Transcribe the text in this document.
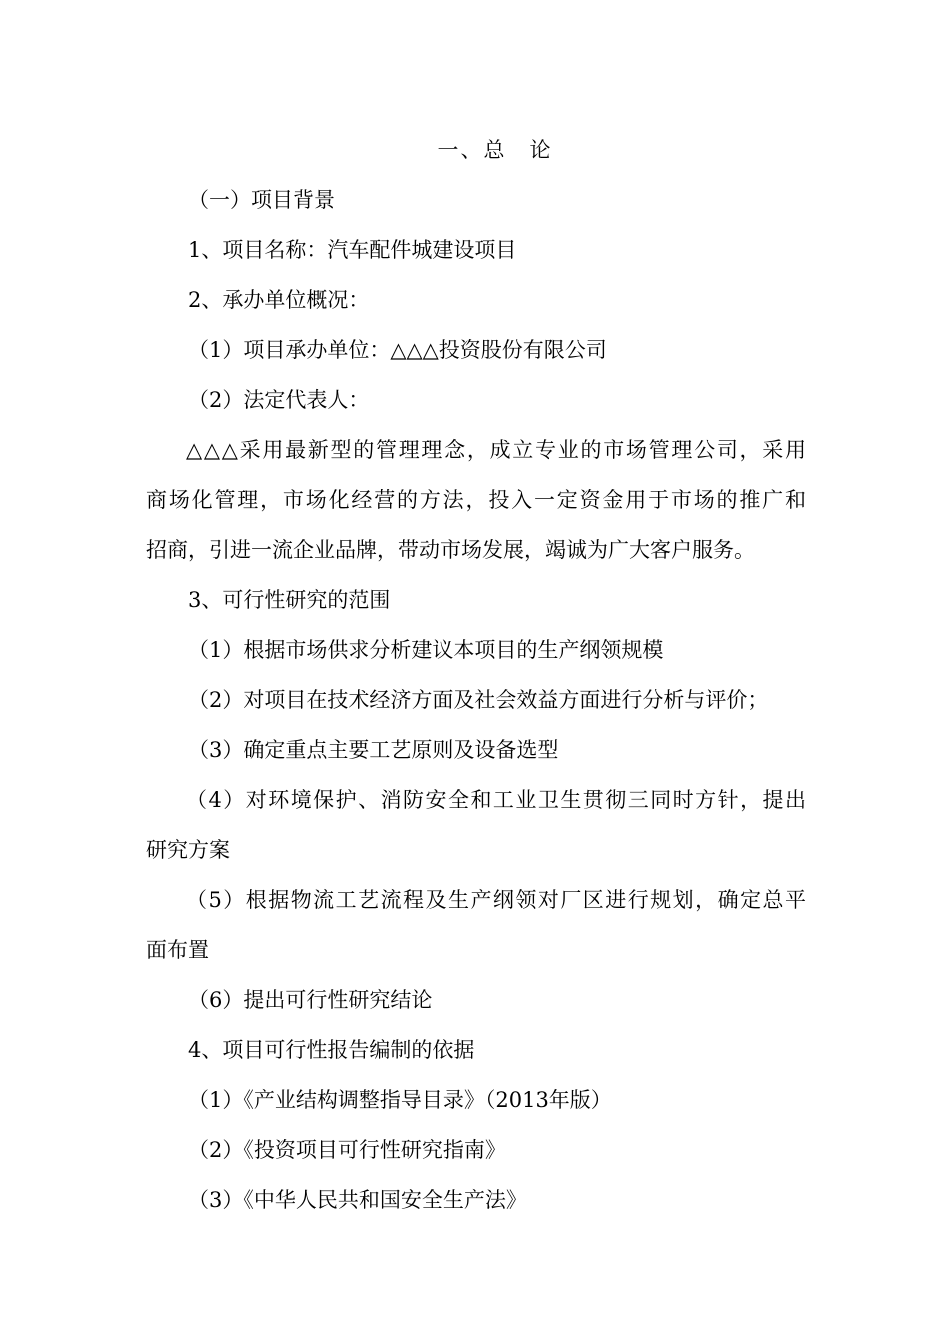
一、总　论
（一）项目背景
1、项目名称：汽车配件城建设项目
2、承办单位概况：
（1）项目承办单位：△△△投资股份有限公司
（2）法定代表人：
△△△采用最新型的管理理念，成立专业的市场管理公司，采用
商场化管理，市场化经营的方法，投入一定资金用于市场的推广和
招商，引进一流企业品牌，带动市场发展，竭诚为广大客户服务。
3、可行性研究的范围
（1）根据市场供求分析建议本项目的生产纲领规模
（2）对项目在技术经济方面及社会效益方面进行分析与评价；
（3）确定重点主要工艺原则及设备选型
（4）对环境保护、消防安全和工业卫生贯彻三同时方针，提出
研究方案
（5）根据物流工艺流程及生产纲领对厂区进行规划，确定总平
面布置
（6）提出可行性研究结论
4、项目可行性报告编制的依据
（1）《产业结构调整指导目录》（2013年版）
（2）《投资项目可行性研究指南》
（3）《中华人民共和国安全生产法》
